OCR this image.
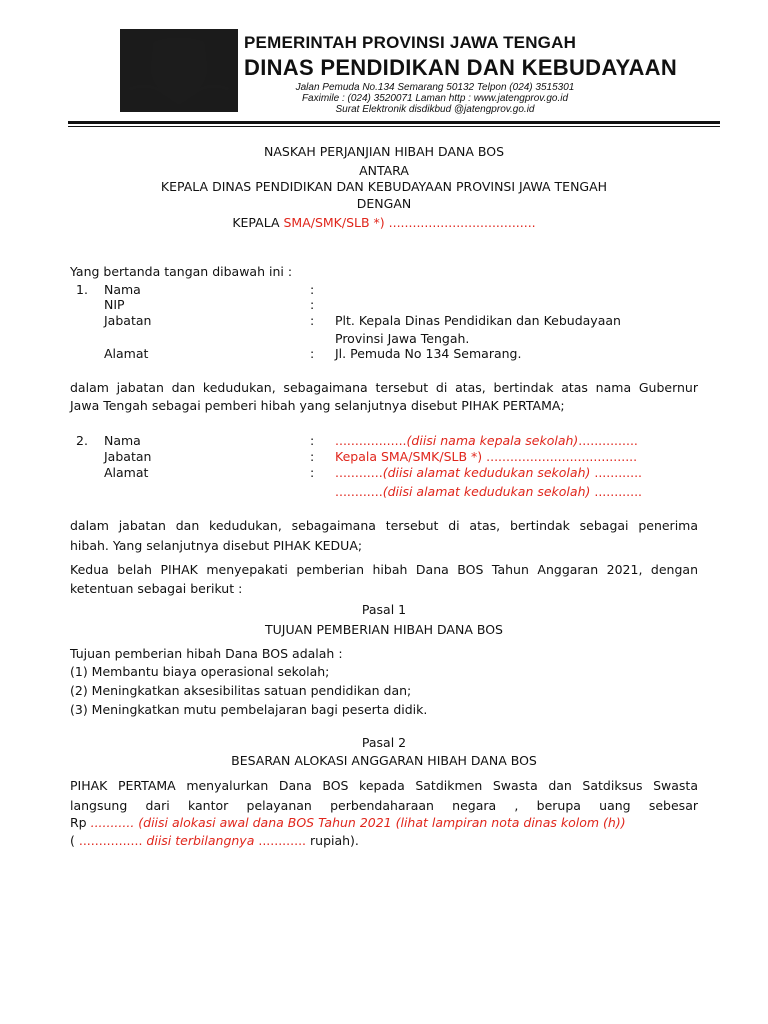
PEMERINTAH PROVINSI JAWA TENGAH
DINAS PENDIDIKAN DAN KEBUDAYAAN
Jalan Pemuda No.134 Semarang 50132 Telpon (024) 3515301
Faximile : (024) 3520071 Laman http : www.jatengprov.go.id
Surat Elektronik disdikbud @jatengprov.go.id
NASKAH PERJANJIAN HIBAH DANA BOS
ANTARA
KEPALA DINAS PENDIDIKAN DAN KEBUDAYAAN PROVINSI JAWA TENGAH
DENGAN
KEPALA SMA/SMK/SLB *) .....................................
Yang bertanda tangan dibawah ini :
1. Nama	:
NIP	:
Jabatan	: Plt. Kepala Dinas Pendidikan dan Kebudayaan
Provinsi Jawa Tengah.
Alamat	: Jl. Pemuda No 134 Semarang.
dalam jabatan dan kedudukan, sebagaimana tersebut di atas, bertindak atas nama Gubernur
Jawa Tengah sebagai pemberi hibah yang selanjutnya disebut PIHAK PERTAMA;
2. Nama	: ..................(diisi nama kepala sekolah)...............
Jabatan	: Kepala SMA/SMK/SLB *) ......................................
Alamat	: ............(diisi alamat kedudukan sekolah) ............
............(diisi alamat kedudukan sekolah) ............
dalam jabatan dan kedudukan, sebagaimana tersebut di atas, bertindak sebagai penerima
hibah. Yang selanjutnya disebut PIHAK KEDUA;
Kedua belah PIHAK menyepakati pemberian hibah Dana BOS Tahun Anggaran 2021, dengan
ketentuan sebagai berikut :
Pasal 1
TUJUAN PEMBERIAN HIBAH DANA BOS
Tujuan pemberian hibah Dana BOS adalah :
(1) Membantu biaya operasional sekolah;
(2) Meningkatkan aksesibilitas satuan pendidikan dan;
(3) Meningkatkan mutu pembelajaran bagi peserta didik.
Pasal 2
BESARAN ALOKASI ANGGARAN HIBAH DANA BOS
PIHAK PERTAMA menyalurkan Dana BOS kepada Satdikmen Swasta dan Satdiksus Swasta
langsung dari kantor pelayanan perbendaharaan negara , berupa uang sebesar
Rp ........... (diisi alokasi awal dana BOS Tahun 2021 (lihat lampiran nota dinas kolom (h))
( ................ diisi terbilangnya ............ rupiah).
